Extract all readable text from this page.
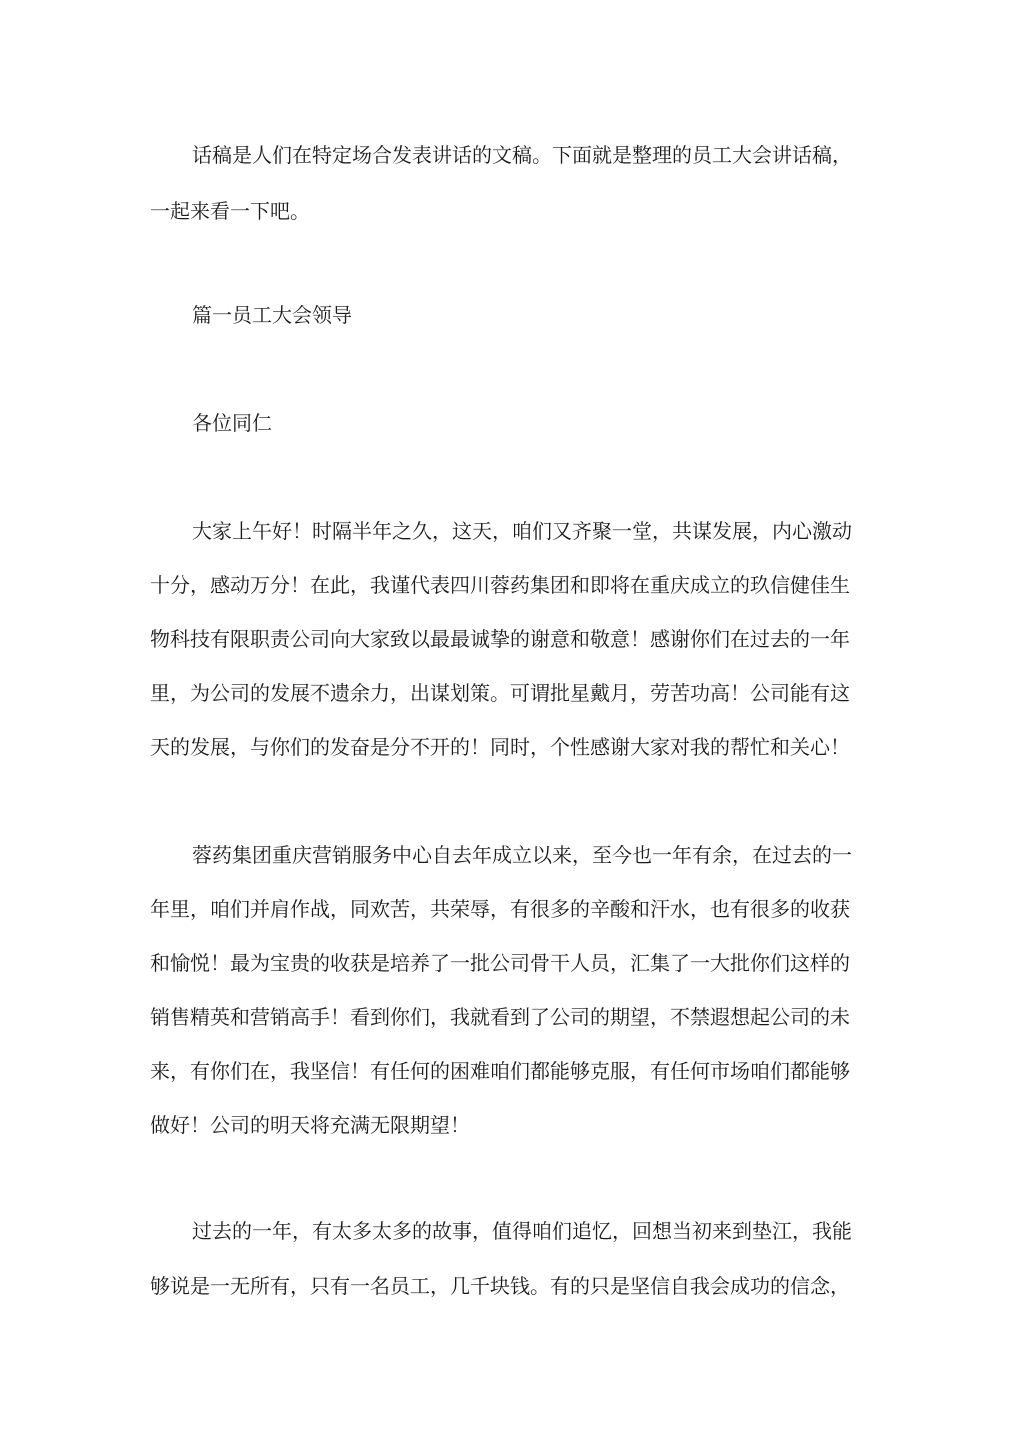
话稿是人们在特定场合发表讲话的文稿。下面就是整理的员工大会讲话稿，

一起来看一下吧。

篇一员工大会领导

各位同仁

大家上午好！时隔半年之久，这天，咱们又齐聚一堂，共谋发展，内心激动

十分，感动万分！在此，我谨代表四川蓉药集团和即将在重庆成立的玖信健佳生

物科技有限职责公司向大家致以最最诚挚的谢意和敬意！感谢你们在过去的一年

里，为公司的发展不遗余力，出谋划策。可谓批星戴月，劳苦功高！公司能有这

天的发展，与你们的发奋是分不开的！同时，个性感谢大家对我的帮忙和关心！

蓉药集团重庆营销服务中心自去年成立以来，至今也一年有余，在过去的一

年里，咱们并肩作战，同欢苦，共荣辱，有很多的辛酸和汗水，也有很多的收获

和愉悦！最为宝贵的收获是培养了一批公司骨干人员，汇集了一大批你们这样的

销售精英和营销高手！看到你们，我就看到了公司的期望，不禁遐想起公司的未

来，有你们在，我坚信！有任何的困难咱们都能够克服，有任何市场咱们都能够

做好！公司的明天将充满无限期望！

过去的一年，有太多太多的故事，值得咱们追忆，回想当初来到垫江，我能

够说是一无所有，只有一名员工，几千块钱。有的只是坚信自我会成功的信念，
